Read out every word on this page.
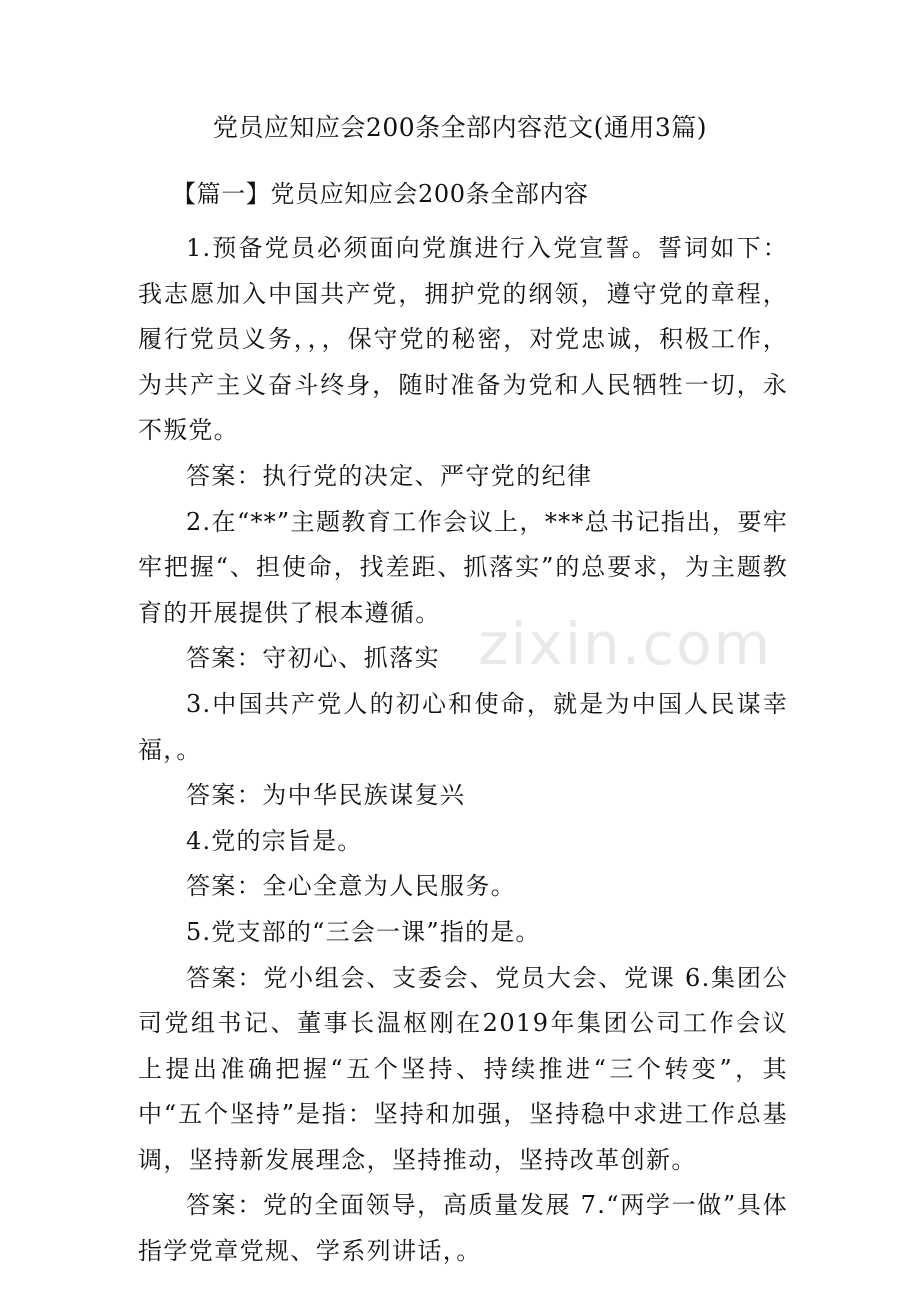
zixin.com
党员应知应会200条全部内容范文(通用3篇)
【篇一】党员应知应会200条全部内容

1.预备党员必须面向党旗进行入党宣誓。誓词如下：我志愿加入中国共产党，拥护党的纲领，遵守党的章程，履行党员义务，，，保守党的秘密，对党忠诚，积极工作，为共产主义奋斗终身，随时准备为党和人民牺牲一切，永不叛党。

答案：执行党的决定、严守党的纪律

2.在“**”主题教育工作会议上，***总书记指出，要牢牢把握“、担使命，找差距、抓落实”的总要求，为主题教育的开展提供了根本遵循。

答案：守初心、抓落实

3.中国共产党人的初心和使命，就是为中国人民谋幸福，。

答案：为中华民族谋复兴

4.党的宗旨是。

答案：全心全意为人民服务。

5.党支部的“三会一课”指的是。

答案：党小组会、支委会、党员大会、党课 6.集团公司党组书记、董事长温枢刚在2019年集团公司工作会议上提出准确把握“五个坚持、持续推进“三个转变”，其中“五个坚持”是指：坚持和加强，坚持稳中求进工作总基调，坚持新发展理念，坚持推动，坚持改革创新。

答案：党的全面领导，高质量发展 7.“两学一做”具体指学党章党规、学系列讲话，。
